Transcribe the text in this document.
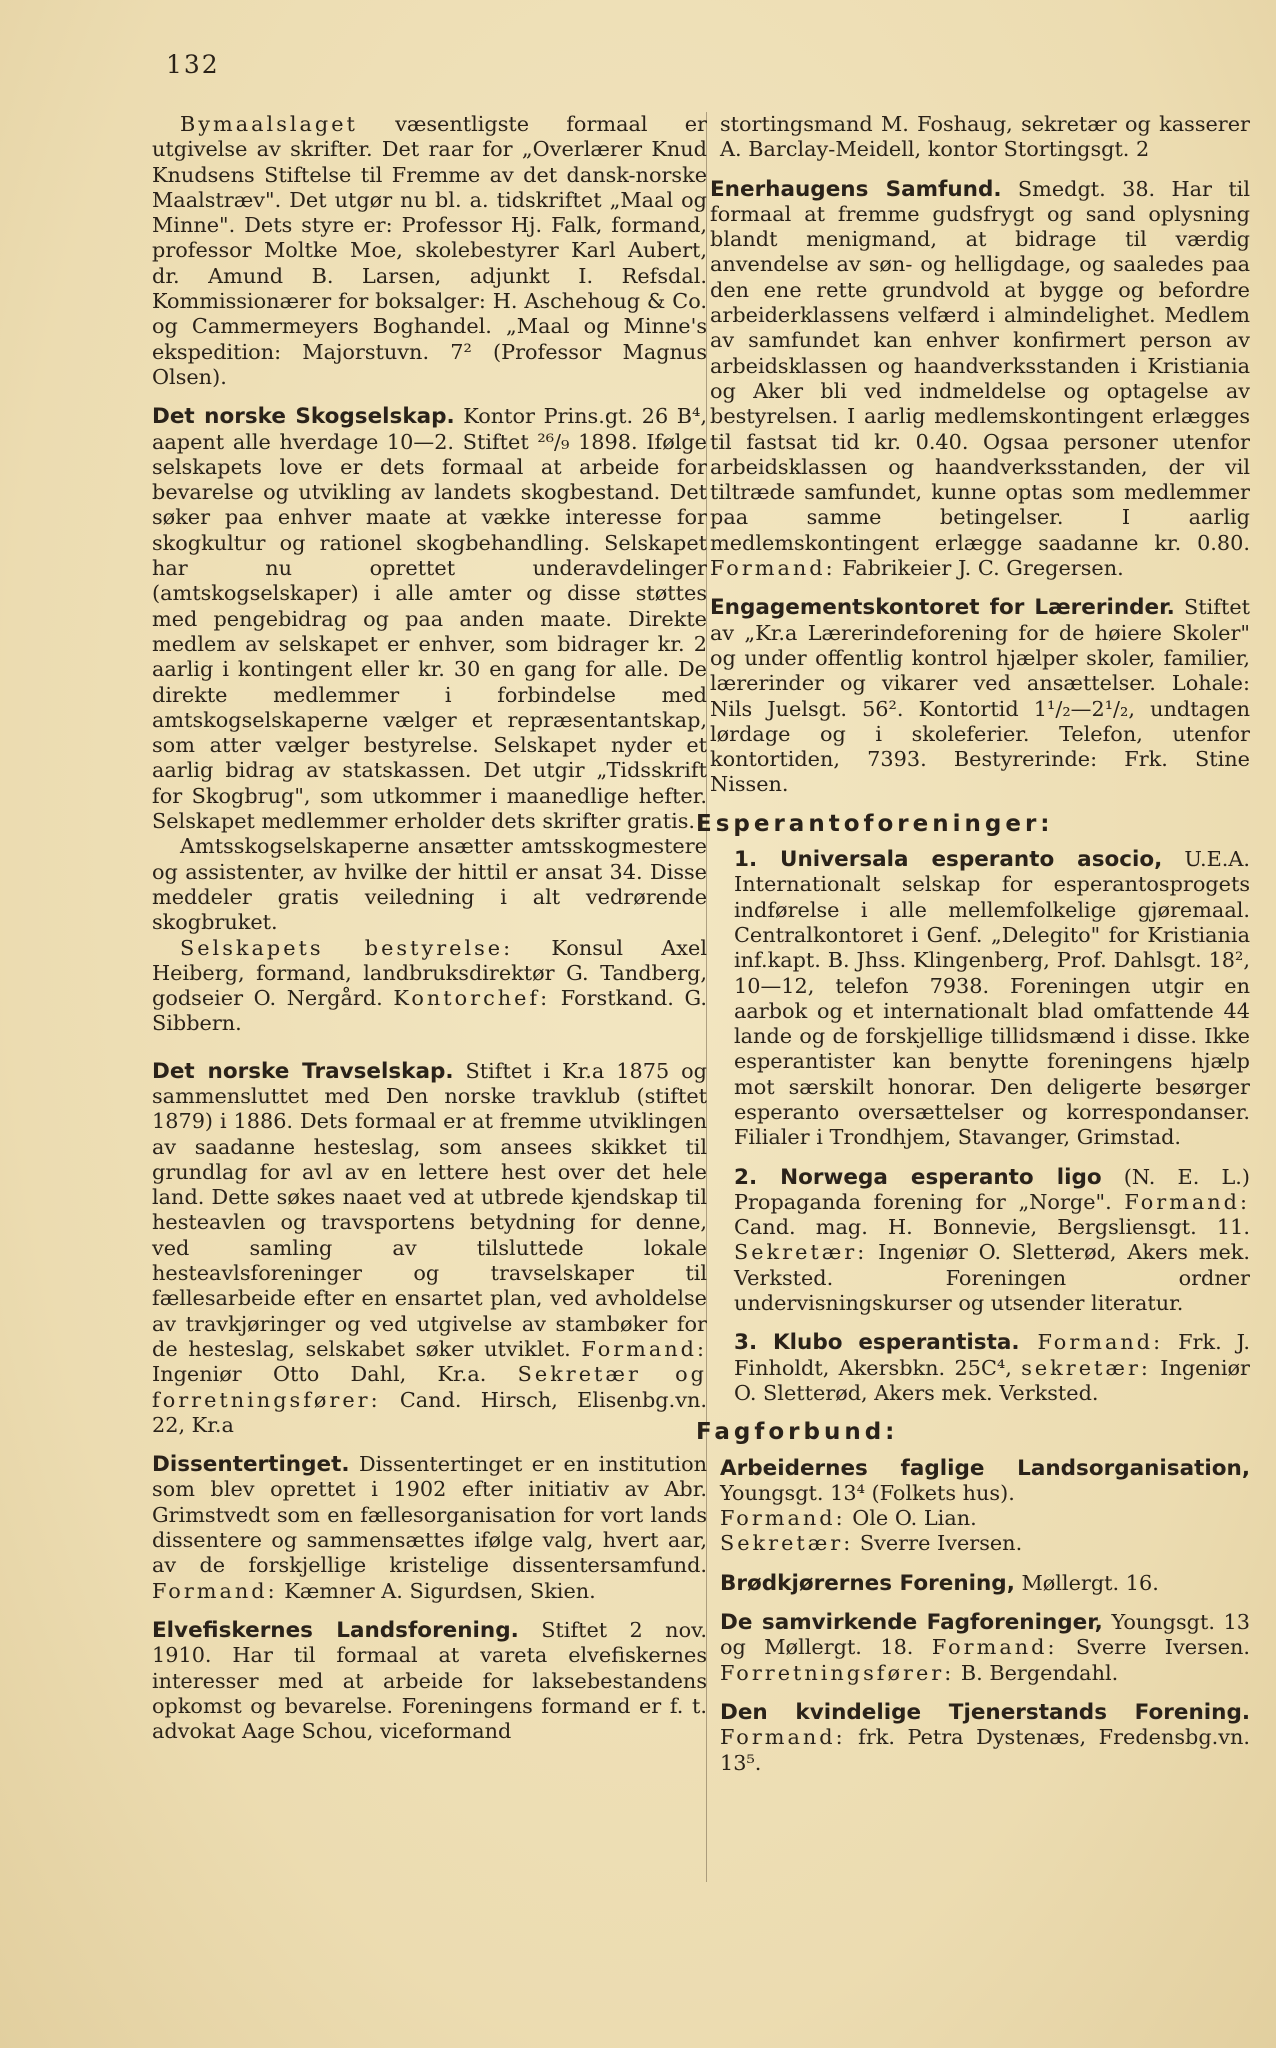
132

Bymaalslaget væsentligste formaal er utgivelse av skrifter. Det raar for „Overlærer Knud Knudsens Stiftelse til Fremme av det dansk-norske Maalstræv". Det utgør nu bl. a. tidskriftet „Maal og Minne". Dets styre er: Professor Hj. Falk, formand, professor Moltke Moe, skolebestyrer Karl Aubert, dr. Amund B. Larsen, adjunkt I. Refsdal. Kommissionærer for boksalger: H. Aschehoug & Co. og Cammermeyers Boghandel. „Maal og Minne's ekspedition: Majorstuvn. 7² (Professor Magnus Olsen).

Det norske Skogselskap. Kontor Prins.gt. 26 B⁴, aapent alle hverdage 10—2. Stiftet ²⁶/₉ 1898. Ifølge selskapets love er dets formaal at arbeide for bevarelse og utvikling av landets skogbestand. Det søker paa enhver maate at vække interesse for skogkultur og rationel skogbehandling. Selskapet har nu oprettet underavdelinger (amtskogselskaper) i alle amter og disse støttes med pengebidrag og paa anden maate. Direkte medlem av selskapet er enhver, som bidrager kr. 2 aarlig i kontingent eller kr. 30 en gang for alle. De direkte medlemmer i forbindelse med amtskogselskaperne vælger et repræsentantskap, som atter vælger bestyrelse. Selskapet nyder et aarlig bidrag av statskassen. Det utgir „Tidsskrift for Skogbrug", som utkommer i maanedlige hefter. Selskapet medlemmer erholder dets skrifter gratis.

Amtsskogselskaperne ansætter amtsskogmestere og assistenter, av hvilke der hittil er ansat 34. Disse meddeler gratis veiledning i alt vedrørende skogbruket.

Selskapets bestyrelse: Konsul Axel Heiberg, formand, landbruksdirektør G. Tandberg, godseier O. Nergård. Kontorchef: Forstkand. G. Sibbern.

Det norske Travselskap. Stiftet i Kr.a 1875 og sammensluttet med Den norske travklub (stiftet 1879) i 1886. Dets formaal er at fremme utviklingen av saadanne hesteslag, som ansees skikket til grundlag for avl av en lettere hest over det hele land. Dette søkes naaet ved at utbrede kjendskap til hesteavlen og travsportens betydning for denne, ved samling av tilsluttede lokale hesteavlsforeninger og travselskaper til fællesarbeide efter en ensartet plan, ved avholdelse av travkjøringer og ved utgivelse av stambøker for de hesteslag, selskabet søker utviklet. Formand: Ingeniør Otto Dahl, Kr.a. Sekretær og forretningsfører: Cand. Hirsch, Elisenbg.vn. 22, Kr.a

Dissentertinget. Dissentertinget er en institution som blev oprettet i 1902 efter initiativ av Abr. Grimstvedt som en fællesorganisation for vort lands dissentere og sammensættes ifølge valg, hvert aar, av de forskjellige kristelige dissentersamfund. Formand: Kæmner A. Sigurdsen, Skien.

Elvefiskernes Landsforening. Stiftet 2 nov. 1910. Har til formaal at vareta elvefiskernes interesser med at arbeide for laksebestandens opkomst og bevarelse. Foreningens formand er f. t. advokat Aage Schou, viceformand

stortingsmand M. Foshaug, sekretær og kasserer A. Barclay-Meidell, kontor Stortingsgt. 2

Enerhaugens Samfund. Smedgt. 38. Har til formaal at fremme gudsfrygt og sand oplysning blandt menigmand, at bidrage til værdig anvendelse av søn- og helligdage, og saaledes paa den ene rette grundvold at bygge og befordre arbeiderklassens velfærd i almindelighet. Medlem av samfundet kan enhver konfirmert person av arbeidsklassen og haandverksstanden i Kristiania og Aker bli ved indmeldelse og optagelse av bestyrelsen. I aarlig medlemskontingent erlægges til fastsat tid kr. 0.40. Ogsaa personer utenfor arbeidsklassen og haandverksstanden, der vil tiltræde samfundet, kunne optas som medlemmer paa samme betingelser. I aarlig medlemskontingent erlægge saadanne kr. 0.80. Formand: Fabrikeier J. C. Gregersen.

Engagementskontoret for Lærerinder. Stiftet av „Kr.a Lærerindeforening for de høiere Skoler" og under offentlig kontrol hjælper skoler, familier, lærerinder og vikarer ved ansættelser. Lohale: Nils Juelsgt. 56². Kontortid 1¹/₂—2¹/₂, undtagen lørdage og i skoleferier. Telefon, utenfor kontortiden, 7393. Bestyrerinde: Frk. Stine Nissen.

Esperantoforeninger:

1. Universala esperanto asocio, U.E.A. Internationalt selskap for esperantosprogets indførelse i alle mellemfolkelige gjøremaal. Centralkontoret i Genf. „Delegito" for Kristiania inf.kapt. B. Jhss. Klingenberg, Prof. Dahlsgt. 18², 10—12, telefon 7938. Foreningen utgir en aarbok og et internationalt blad omfattende 44 lande og de forskjellige tillidsmænd i disse. Ikke esperantister kan benytte foreningens hjælp mot særskilt honorar. Den deligerte besørger esperanto oversættelser og korrespondanser. Filialer i Trondhjem, Stavanger, Grimstad.

2. Norwega esperanto ligo (N. E. L.) Propaganda forening for „Norge". Formand: Cand. mag. H. Bonnevie, Bergsliensgt. 11. Sekretær: Ingeniør O. Sletterød, Akers mek. Verksted. Foreningen ordner undervisningskurser og utsender literatur.

3. Klubo esperantista. Formand: Frk. J. Finholdt, Akersbkn. 25C⁴, sekretær: Ingeniør O. Sletterød, Akers mek. Verksted.

Fagforbund:

Arbeidernes faglige Landsorganisation, Youngsgt. 13⁴ (Folkets hus).

Formand: Ole O. Lian.

Sekretær: Sverre Iversen.

Brødkjørernes Forening, Møllergt. 16.

De samvirkende Fagforeninger, Youngsgt. 13 og Møllergt. 18. Formand: Sverre Iversen. Forretningsfører: B. Bergendahl.

Den kvindelige Tjenerstands Forening. Formand: frk. Petra Dystenæs, Fredensbg.vn. 13⁵.
